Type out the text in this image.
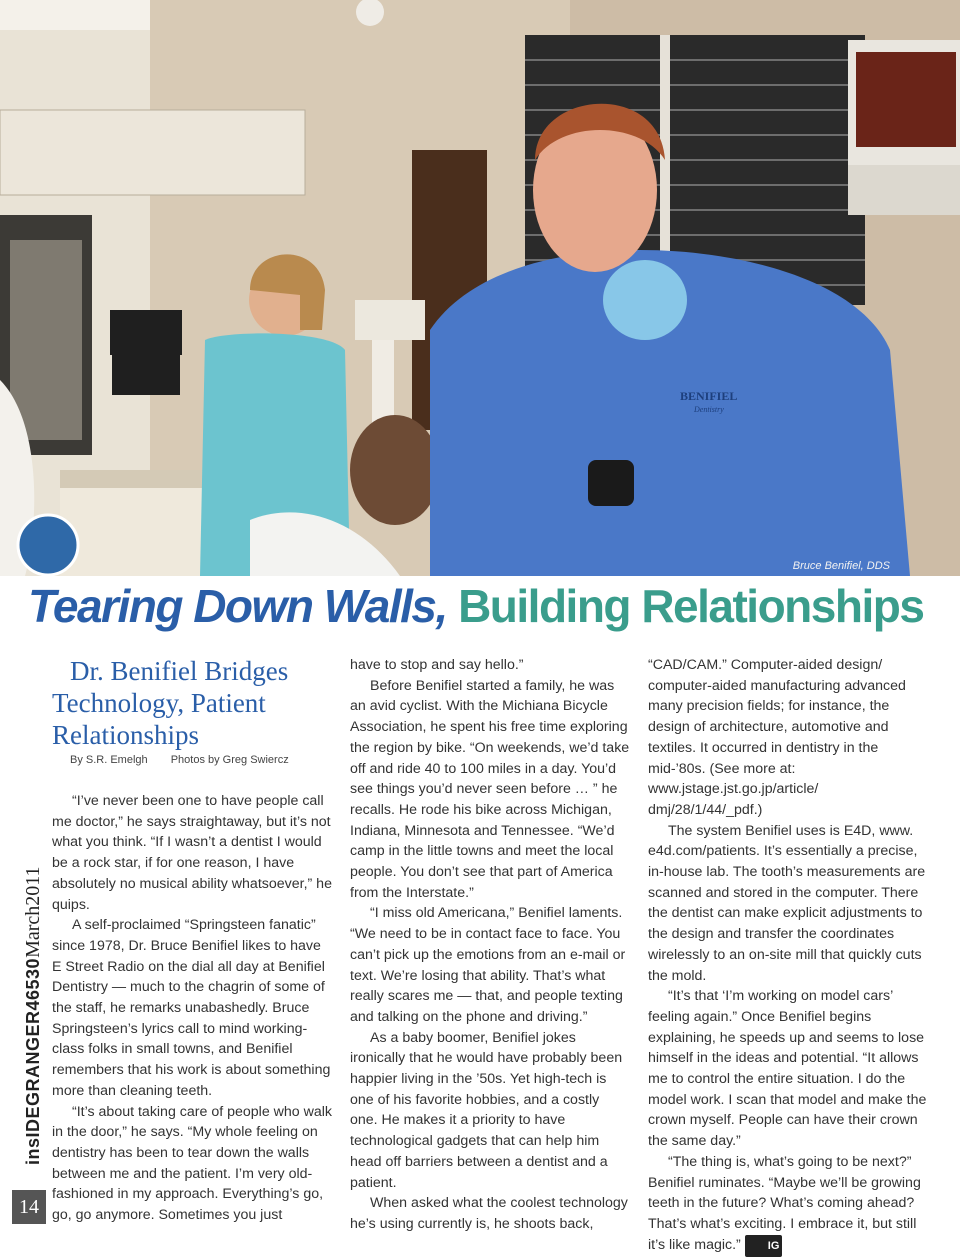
BENIFIEL
Dentistry
Bruce Benifiel, DDS
Tearing Down Walls, Building Relationships
insIDEGRANGER46530March2011
14
Dr. Benifiel Bridges
Technology, Patient
Relationships
By S.R. Emelgh Photos by Greg Swiercz

“I’ve never been one to have people call me doctor,” he says straightaway, but it’s not what you think. “If I wasn’t a dentist I would be a rock star, if for one reason, I have absolutely no musical ability whatsoever,” he quips.

A self-proclaimed “Springsteen fanatic” since 1978, Dr. Bruce Benifiel likes to have E Street Radio on the dial all day at Benifiel Dentistry — much to the chagrin of some of the staff, he remarks unabashedly. Bruce Springsteen’s lyrics call to mind working-class folks in small towns, and Benifiel remembers that his work is about something more than cleaning teeth.

“It’s about taking care of people who walk in the door,” he says. “My whole feeling on dentistry has been to tear down the walls between me and the patient. I’m very old-fashioned in my approach. Everything’s go, go, go anymore. Sometimes you just

have to stop and say hello.”

Before Benifiel started a family, he was an avid cyclist. With the Michiana Bicycle Association, he spent his free time exploring the region by bike. “On weekends, we’d take off and ride 40 to 100 miles in a day. You’d see things you’d never seen before … ” he recalls. He rode his bike across Michigan, Indiana, Minnesota and Tennessee. “We’d camp in the little towns and meet the local people. You don’t see that part of America from the Interstate.”

“I miss old Americana,” Benifiel laments. “We need to be in contact face to face. You can’t pick up the emotions from an e-mail or text. We’re losing that ability. That’s what really scares me — that, and people texting and talking on the phone and driving.”

As a baby boomer, Benifiel jokes ironically that he would have probably been happier living in the ’50s. Yet high-tech is one of his favorite hobbies, and a costly one. He makes it a priority to have technological gadgets that can help him head off barriers between a dentist and a patient.

When asked what the coolest technology he’s using currently is, he shoots back,

“CAD/CAM.” Computer-aided design/ computer-aided manufacturing advanced many precision fields; for instance, the design of architecture, automotive and textiles. It occurred in dentistry in the mid-’80s. (See more at: www.jstage.jst.go.jp/article/ dmj/28/1/44/_pdf.)

The system Benifiel uses is E4D, www. e4d.com/patients. It’s essentially a precise, in-house lab. The tooth’s measurements are scanned and stored in the computer. There the dentist can make explicit adjustments to the design and transfer the coordinates wirelessly to an on-site mill that quickly cuts the mold.

“It’s that ‘I’m working on model cars’ feeling again.” Once Benifiel begins explaining, he speeds up and seems to lose himself in the ideas and potential. “It allows me to control the entire situation. I do the model work. I scan that model and make the crown myself. People can have their crown the same day.”

“The thing is, what’s going to be next?” Benifiel ruminates. “Maybe we’ll be growing teeth in the future? What’s coming ahead? That’s what’s exciting. I embrace it, but still it’s like magic.” IG
